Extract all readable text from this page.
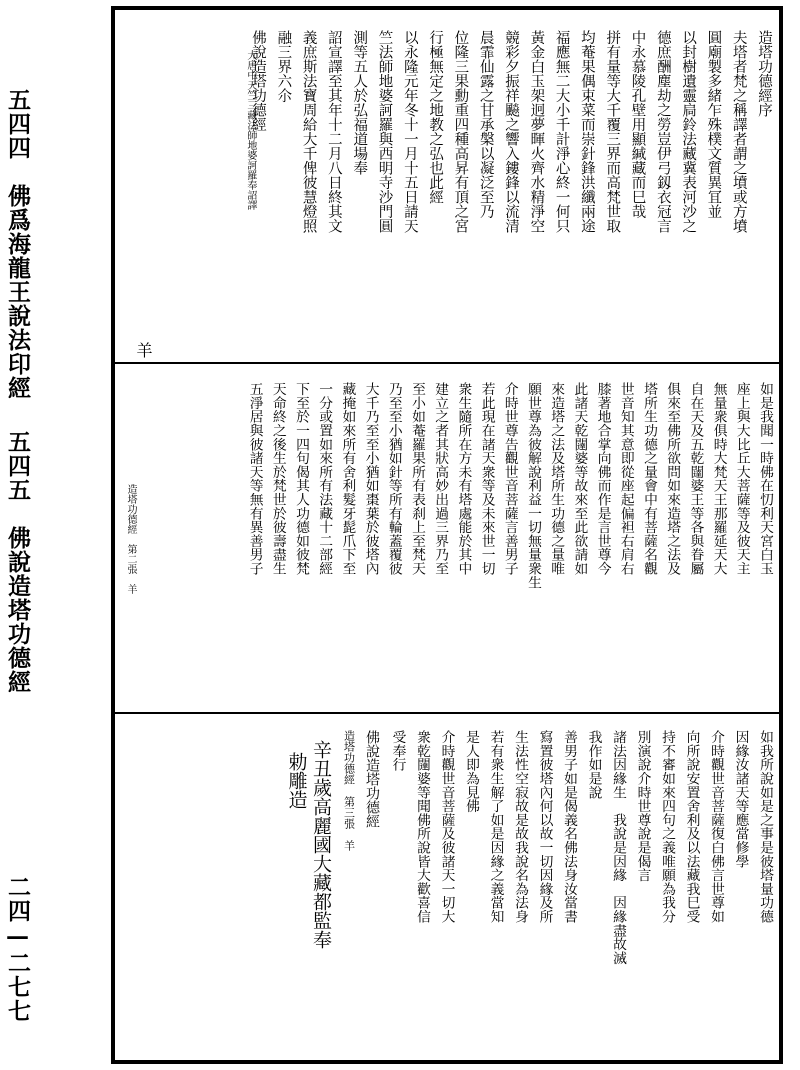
五四四　佛爲海龍王說法印經
五四五　佛說造塔功德經
二四—二七七
造塔功德經序
夫塔者梵之稱譯者謂之墳或方墳
圓廟製多緒乍殊樸文質異冝並
以封樹遺靈扃鈴法藏冀表河沙之
德庶酬塵劫之勞豈伊弓釼衣冠言
中永慕陵孔壁用顯緘藏而巳哉
拼有量等大千覆三界而高梵世取
均菴果偶束菜而崇針鋒洪纖兩途
福應無二大小千計淨心終一何只
黃金白玉架迥夢暉火齊水精淨空
競彩夕振祥飈之響入鏤鋒以流清
晨霏仙露之甘承槃以凝泛至乃
位隆三果勳重四種高昇有頂之宮
行極無定之地教之弘也此經
以永隆元年冬十一月十五日請天
竺法師地婆訶羅與西明寺沙門圓
測等五人於弘福道場奉
詔宣譯至其年十二月八日終其文
義庶斯法寶周給大千俾彼慧燈照
融三界六尒
佛說造塔功德經
羊
大唐中天竺三藏法師地婆訶羅奉詔譯
如是我聞一時佛在忉利天宮白玉
座上與大比丘大菩薩等及彼天主
無量衆俱時大梵天王那羅延天大
自在天及五乾闥婆王等各與眷屬
俱來至佛所欲問如來造塔之法及
塔所生功德之量會中有菩薩名觀
世音知其意即從座起偏袒右肩右
膝著地合掌向佛而作是言世尊今
此諸天乾闥婆等故來至此欲請如
來造塔之法及塔所生功德之量唯
願世尊為彼解說利益一切無量衆生
介時世尊告觀世音菩薩言善男子
若此現在諸天衆等及未來世一切
衆生隨所在方未有塔處能於其中
建立之者其狀高妙出過三界乃至
至小如菴羅果所有表刹上至梵天
乃至至小猶如針等所有輪蓋覆彼
大千乃至至小猶如棗葉於彼塔內
藏掩如來所有舍利髮牙髭爪下至
一分或置如來所有法藏十二部經
下至於一四句偈其人功德如彼梵
天命終之後生於梵世於彼壽盡生
五淨居與彼諸天等無有異善男子
造塔功德經　第二張　羊
如我所說如是之事是彼塔量功德
因緣汝諸天等應當修學
介時觀世音菩薩復白佛言世尊如
向所說安置舍利及以法藏我巳受
持不審如來四句之義唯願為我分
別演說介時世尊說是偈言
諸法因緣生　我說是因緣　因緣盡故滅
我作如是說
善男子如是偈義名佛法身汝當書
寫置彼塔內何以故一切因緣及所
生法性空寂故是故我說名為法身
若有衆生解了如是因緣之義當知
是人即為見佛
介時觀世音菩薩及彼諸天一切大
衆乾闥婆等聞佛所說皆大歡喜信
受奉行
佛說造塔功德經
造塔功德經　第三張　羊
辛丑歲高麗國大藏都監奉
勅雕造
